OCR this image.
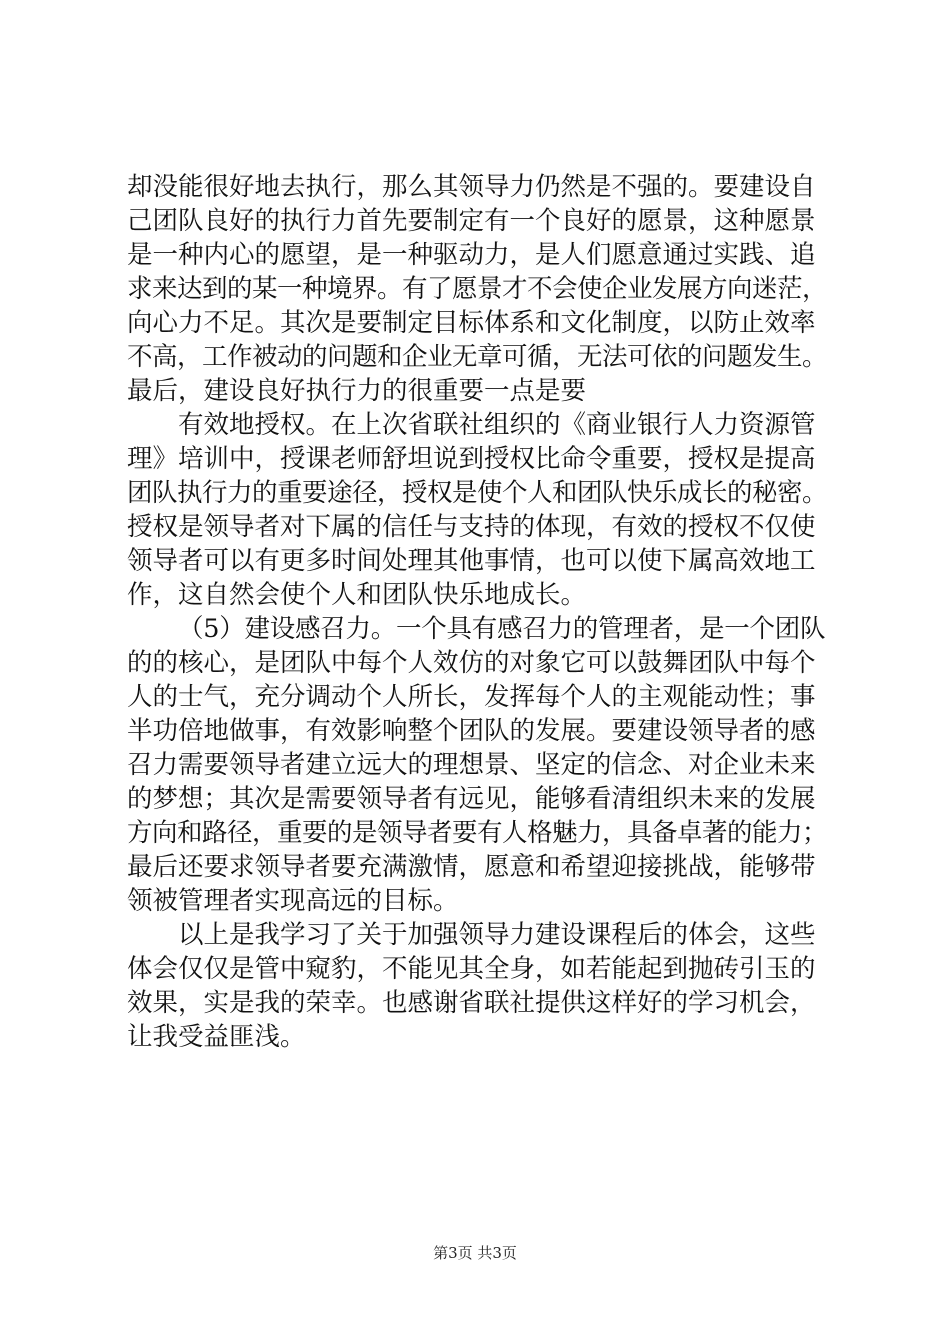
却没能很好地去执行，那么其领导力仍然是不强的。要建设自
己团队良好的执行力首先要制定有一个良好的愿景，这种愿景
是一种内心的愿望，是一种驱动力，是人们愿意通过实践、追
求来达到的某一种境界。有了愿景才不会使企业发展方向迷茫，
向心力不足。其次是要制定目标体系和文化制度，以防止效率
不高，工作被动的问题和企业无章可循，无法可依的问题发生。
最后，建设良好执行力的很重要一点是要
有效地授权。在上次省联社组织的《商业银行人力资源管
理》培训中，授课老师舒坦说到授权比命令重要，授权是提高
团队执行力的重要途径，授权是使个人和团队快乐成长的秘密。
授权是领导者对下属的信任与支持的体现，有效的授权不仅使
领导者可以有更多时间处理其他事情，也可以使下属高效地工
作，这自然会使个人和团队快乐地成长。
（5）建设感召力。一个具有感召力的管理者，是一个团队
的的核心，是团队中每个人效仿的对象它可以鼓舞团队中每个
人的士气，充分调动个人所长，发挥每个人的主观能动性；事
半功倍地做事，有效影响整个团队的发展。要建设领导者的感
召力需要领导者建立远大的理想景、坚定的信念、对企业未来
的梦想；其次是需要领导者有远见，能够看清组织未来的发展
方向和路径，重要的是领导者要有人格魅力，具备卓著的能力；
最后还要求领导者要充满激情，愿意和希望迎接挑战，能够带
领被管理者实现高远的目标。
以上是我学习了关于加强领导力建设课程后的体会，这些
体会仅仅是管中窥豹，不能见其全身，如若能起到抛砖引玉的
效果，实是我的荣幸。也感谢省联社提供这样好的学习机会，
让我受益匪浅。
第3页 共3页
